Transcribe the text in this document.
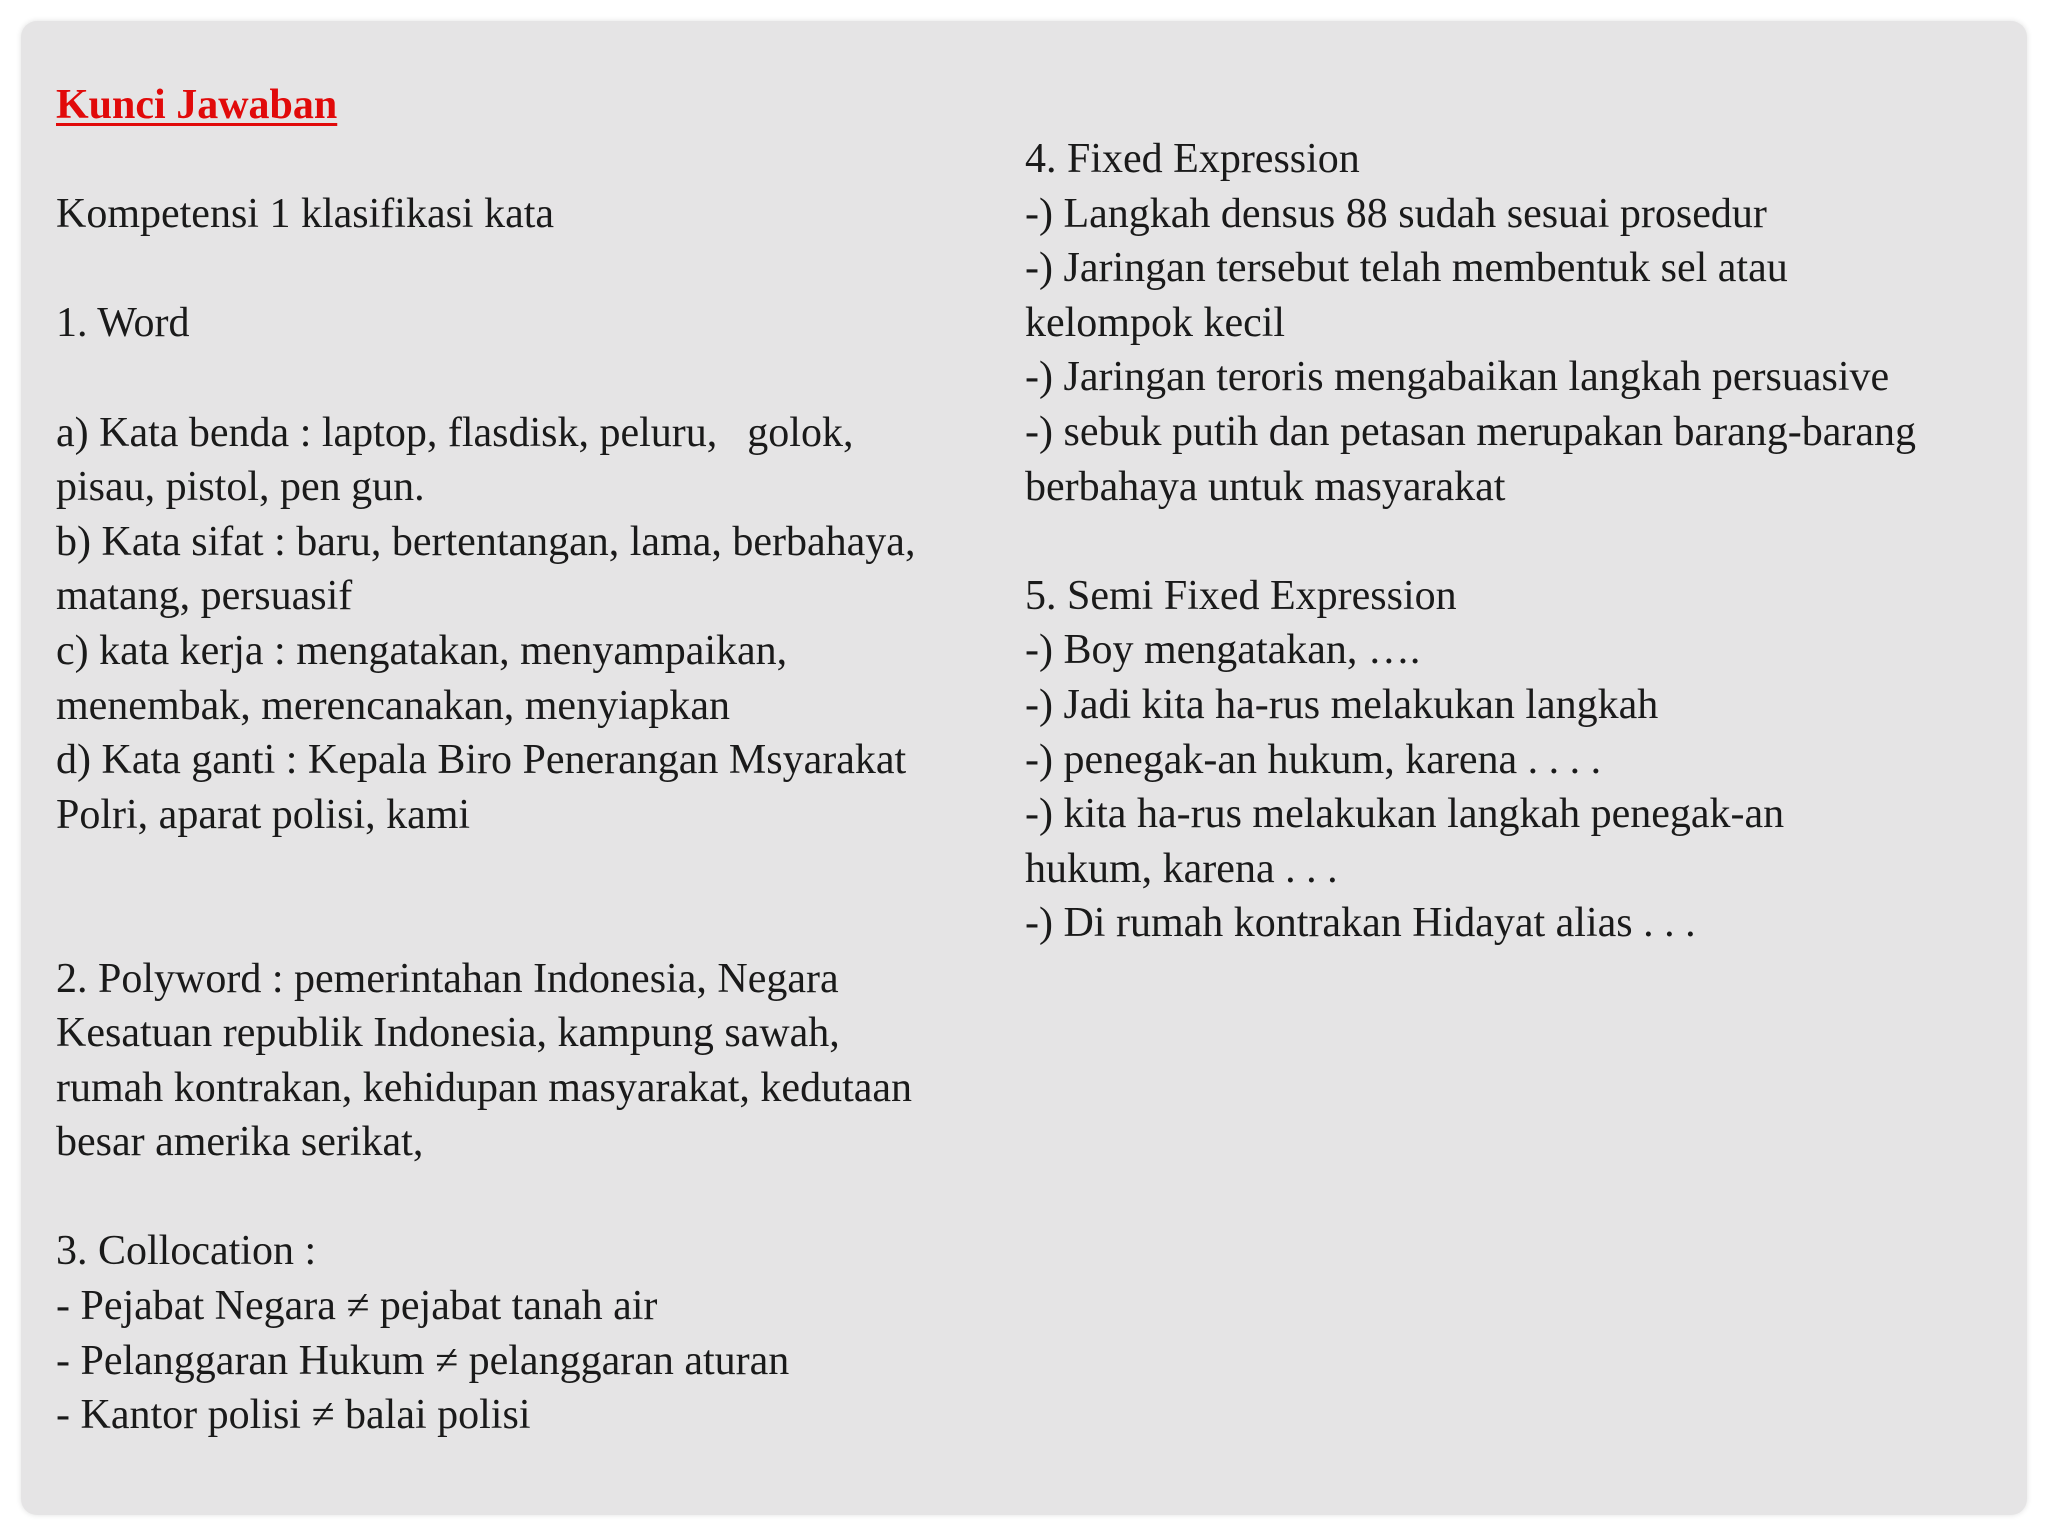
Kunci Jawaban
Kompetensi 1 klasifikasi kata
1. Word
a) Kata benda : laptop, flasdisk, peluru, golok,
pisau, pistol, pen gun.
b) Kata sifat : baru, bertentangan, lama, berbahaya,
matang, persuasif
c) kata kerja : mengatakan, menyampaikan,
menembak, merencanakan, menyiapkan
d) Kata ganti : Kepala Biro Penerangan Msyarakat
Polri, aparat polisi, kami
2. Polyword : pemerintahan Indonesia, Negara
Kesatuan republik Indonesia, kampung sawah,
rumah kontrakan, kehidupan masyarakat, kedutaan
besar amerika serikat,
3. Collocation :
- Pejabat Negara ≠ pejabat tanah air
- Pelanggaran Hukum ≠ pelanggaran aturan
- Kantor polisi ≠ balai polisi
4. Fixed Expression
-) Langkah densus 88 sudah sesuai prosedur
-) Jaringan tersebut telah membentuk sel atau
kelompok kecil
-) Jaringan teroris mengabaikan langkah persuasive
-) sebuk putih dan petasan merupakan barang-barang
berbahaya untuk masyarakat
5. Semi Fixed Expression
-) Boy mengatakan, ….
-) Jadi kita ha-rus melakukan langkah
-) penegak-an hukum, karena . . . .
-) kita ha-rus melakukan langkah penegak-an
hukum, karena . . .
-) Di rumah kontrakan Hidayat alias . . .
